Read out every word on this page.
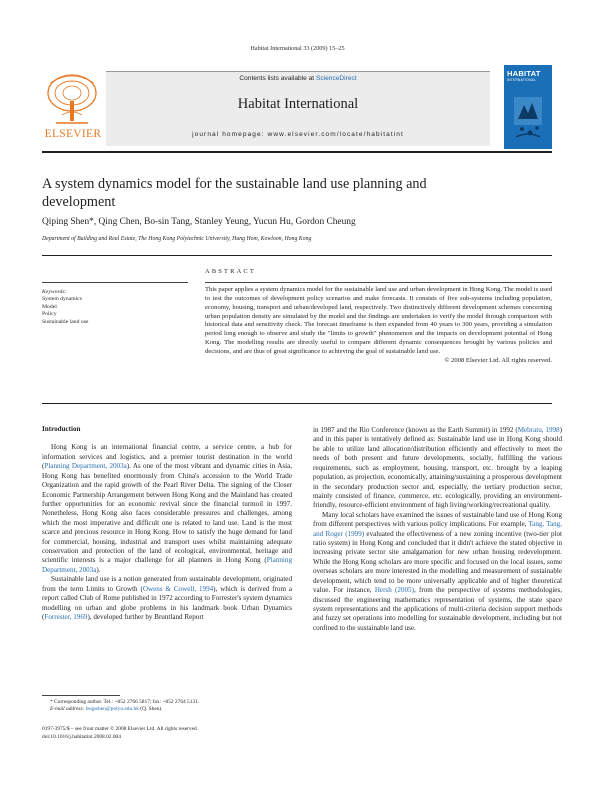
Habitat International 33 (2009) 15–25
ELSEVIER
Contents lists available at ScienceDirect
Habitat International
journal homepage: www.elsevier.com/locate/habitatint
HABITAT
INTERNATIONAL
A system dynamics model for the sustainable land use planning and development
Qiping Shen*, Qing Chen, Bo-sin Tang, Stanley Yeung, Yucun Hu, Gordon Cheung
Department of Building and Real Estate, The Hong Kong Polytechnic University, Hung Hom, Kowloon, Hong Kong
Keywords:
System dynamics
Model
Policy
Sustainable land use
ABSTRACT
This paper applies a system dynamics model for the sustainable land use and urban development in Hong Kong. The model is used to test the outcomes of development policy scenarios and make forecasts. It consists of five sub-systems including population, economy, housing, transport and urban/developed land, respectively. Two distinctively different development schemes concerning urban population density are simulated by the model and the findings are undertaken to verify the model through comparison with historical data and sensitivity check. The forecast timeframe is then expanded from 40 years to 300 years, providing a simulation period long enough to observe and study the "limits to growth" phenomenon and the impacts on development potential of Hong Kong. The modelling results are directly useful to compare different dynamic consequences brought by various policies and decisions, and are thus of great significance to achieving the goal of sustainable land use.
© 2008 Elsevier Ltd. All rights reserved.
Introduction

Hong Kong is an international financial centre, a service centre, a hub for information services and logistics, and a premier tourist destination in the world (Planning Department, 2003a). As one of the most vibrant and dynamic cities in Asia, Hong Kong has benefited enormously from China's accession to the World Trade Organization and the rapid growth of the Pearl River Delta. The signing of the Closer Economic Partnership Arrangement between Hong Kong and the Mainland has created further opportunities for an economic revival since the financial turmoil in 1997. Nonetheless, Hong Kong also faces considerable pressures and challenges, among which the most imperative and difficult one is related to land use. Land is the most scarce and precious resource in Hong Kong. How to satisfy the huge demand for land for commercial, housing, industrial and transport uses whilst maintaining adequate conservation and protection of the land of ecological, environmental, heritage and scientific interests is a major challenge for all planners in Hong Kong (Planning Department, 2003a).

Sustainable land use is a notion generated from sustainable development, originated from the term Limits to Growth (Owens & Cowell, 1994), which is derived from a report called Club of Rome published in 1972 according to Forrester's system dynamics modelling on urban and globe problems in his landmark book Urban Dynamics (Forrester, 1969), developed further by Bruntland Report

in 1987 and the Rio Conference (known as the Earth Summit) in 1992 (Mebratu, 1998) and in this paper is tentatively defined as: Sustainable land use in Hong Kong should be able to utilize land allocation/distribution efficiently and effectively to meet the needs of both present and future developments, socially, fulfilling the various requirements, such as employment, housing, transport, etc. brought by a leaping population, as projection, economically, attaining/sustaining a prosperous development in the secondary production sector and, especially, the tertiary production sector, mainly consisted of finance, commerce, etc. ecologically, providing an environment-friendly, resource-efficient environment of high living/working/recreational quality.

Many local scholars have examined the issues of sustainable land use of Hong Kong from different perspectives with various policy implications. For example, Tang, Tang, and Roger (1999) evaluated the effectiveness of a new zoning incentive (two-tier plot ratio system) in Hong Kong and concluded that it didn't achieve the stated objective in increasing private sector site amalgamation for new urban housing redevelopment. While the Hong Kong scholars are more specific and focused on the local issues, some overseas scholars are more interested in the modelling and measurement of sustainable development, which tend to be more universally applicable and of higher theoretical value. For instance, Hersh (2005), from the perspective of systems methodologies, discussed the engineering mathematics representation of systems, the state space system representations and the applications of multi-criteria decision support methods and fuzzy set operations into modelling for sustainable development, including but not confined to the sustainable land use.

* Corresponding author. Tel.: +852 2766 5817; fax: +852 2764 5131.
E-mail address: bsqpshen@polyu.edu.hk (Q. Shen).
0197-3975/$ – see front matter © 2008 Elsevier Ltd. All rights reserved.
doi:10.1016/j.habitatint.2008.02.004
